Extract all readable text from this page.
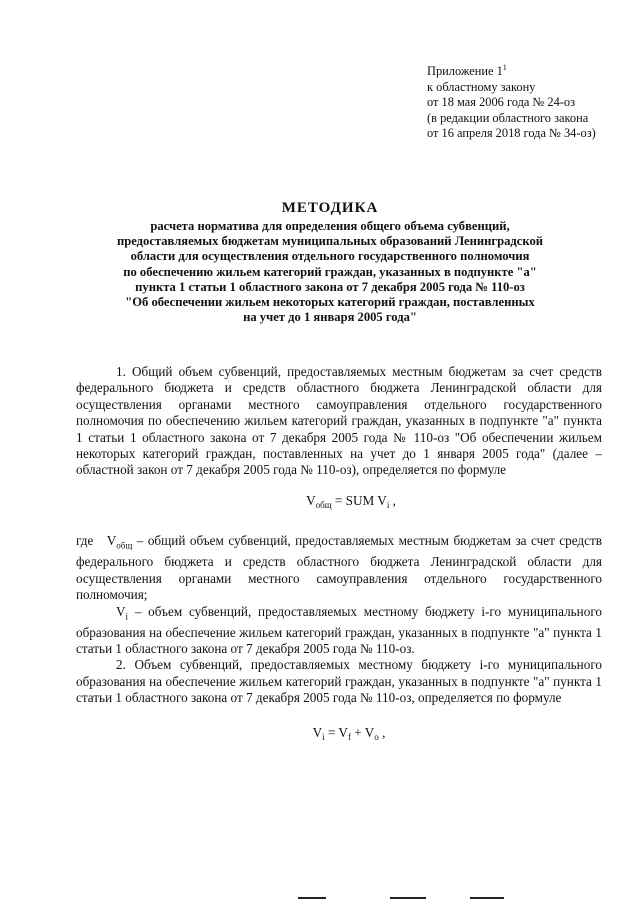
Приложение $1^1$
к областному закону
от 18 мая 2006 года № 24-оз
(в редакции областного закона
от 16 апреля 2018 года № 34-оз)
МЕТОДИКА
расчета норматива для определения общего объема субвенций,
предоставляемых бюджетам муниципальных образований Ленинградской
области для осуществления отдельного государственного полномочия
по обеспечению жильем категорий граждан, указанных в подпункте "а"
пункта 1 статьи 1 областного закона от 7 декабря 2005 года № 110-оз
"Об обеспечении жильем некоторых категорий граждан, поставленных
на учет до 1 января 2005 года"

1. Общий объем субвенций, предоставляемых местным бюджетам за счет средств федерального бюджета и средств областного бюджета Ленинградской области для осуществления органами местного самоуправления отдельного государственного полномочия по обеспечению жильем категорий граждан, указанных в подпункте "а" пункта 1 статьи 1 областного закона от 7 декабря 2005 года № 110-оз "Об обеспечении жильем некоторых категорий граждан, поставленных на учет до 1 января 2005 года" (далее – областной закон от 7 декабря 2005 года № 110-оз), определяется по формуле

$V_{общ}$ = SUM $V_i$ ,

где   $V_{общ}$ – общий объем субвенций, предоставляемых местным бюджетам за счет средств федерального бюджета и средств областного бюджета Ленинградской области для осуществления органами местного самоуправления отдельного государственного полномочия;

$V_i$ – объем субвенций, предоставляемых местному бюджету i-го муниципального образования на обеспечение жильем категорий граждан, указанных в подпункте "а" пункта 1 статьи 1 областного закона от 7 декабря 2005 года № 110-оз.

2. Объем субвенций, предоставляемых местному бюджету i-го муниципального образования на обеспечение жильем категорий граждан, указанных в подпункте "а" пункта 1 статьи 1 областного закона от 7 декабря 2005 года № 110-оз, определяется по формуле

$V_i = V_f + V_o$ ,
